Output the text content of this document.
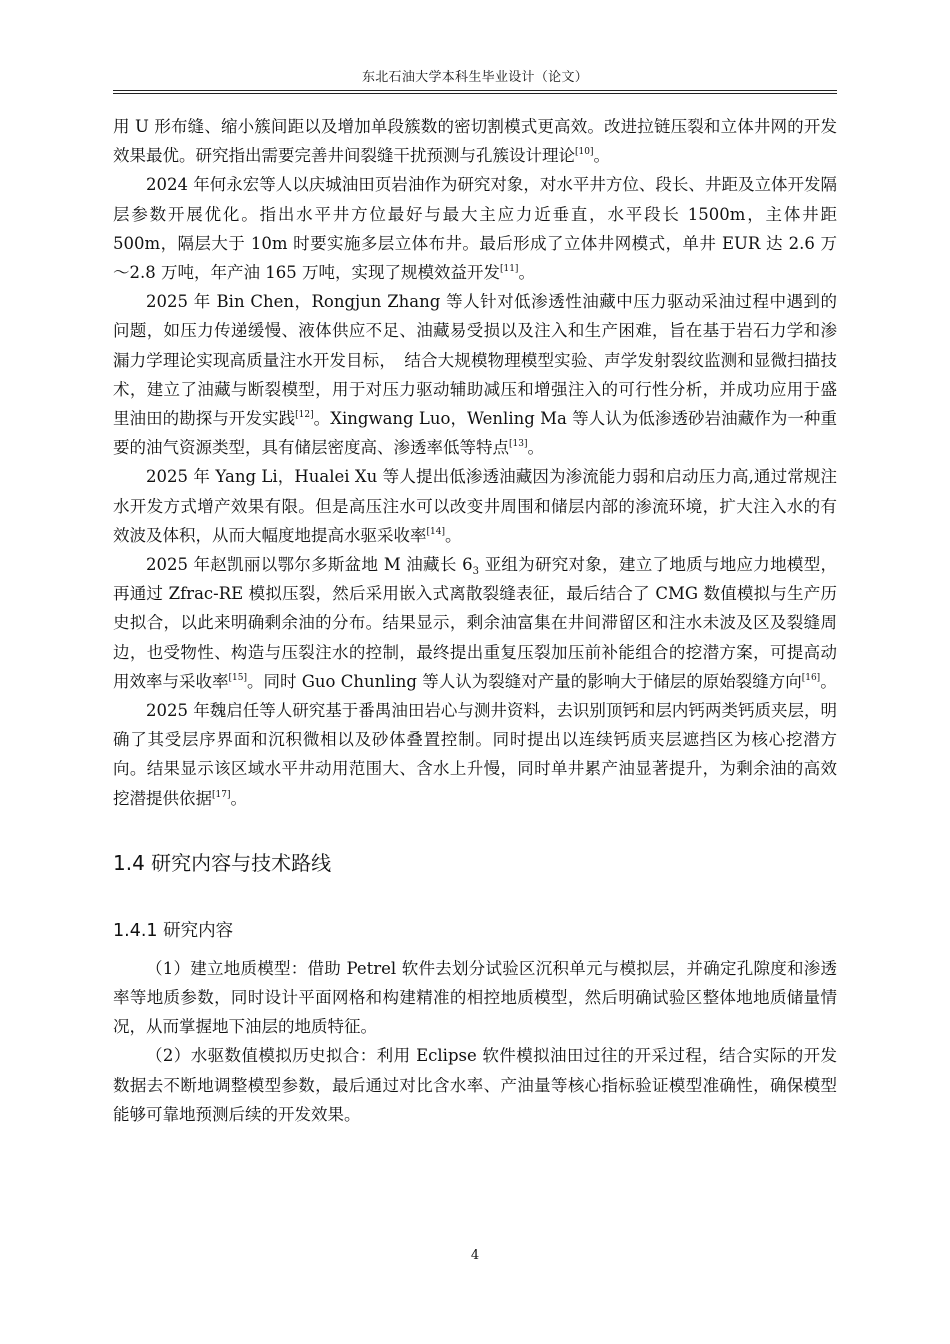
东北石油大学本科生毕业设计（论文）

用 U 形布缝、缩小簇间距以及增加单段簇数的密切割模式更高效。改进拉链压裂和立体井网的开发效果最优。研究指出需要完善井间裂缝干扰预测与孔簇设计理论[10]。

2024 年何永宏等人以庆城油田页岩油作为研究对象，对水平井方位、段长、井距及立体开发隔层参数开展优化。指出水平井方位最好与最大主应力近垂直，水平段长 1500m，主体井距 500m，隔层大于 10m 时要实施多层立体布井。最后形成了立体井网模式，单井 EUR 达 2.6 万～2.8 万吨，年产油 165 万吨，实现了规模效益开发[11]。

2025 年 Bin Chen，Rongjun Zhang 等人针对低渗透性油藏中压力驱动采油过程中遇到的问题，如压力传递缓慢、液体供应不足、油藏易受损以及注入和生产困难，旨在基于岩石力学和渗漏力学理论实现高质量注水开发目标，　结合大规模物理模型实验、声学发射裂纹监测和显微扫描技术，建立了油藏与断裂模型，用于对压力驱动辅助减压和增强注入的可行性分析，并成功应用于盛里油田的勘探与开发实践[12]。Xingwang Luo，Wenling Ma 等人认为低渗透砂岩油藏作为一种重要的油气资源类型，具有储层密度高、渗透率低等特点[13]。

2025 年 Yang Li，Hualei Xu 等人提出低渗透油藏因为渗流能力弱和启动压力高,通过常规注水开发方式增产效果有限。但是高压注水可以改变井周围和储层内部的渗流环境，扩大注入水的有效波及体积，从而大幅度地提高水驱采收率[14]。

2025 年赵凯丽以鄂尔多斯盆地 M 油藏长 $6_3$ 亚组为研究对象，建立了地质与地应力地模型，再通过 Zfrac-RE 模拟压裂，然后采用嵌入式离散裂缝表征，最后结合了 CMG 数值模拟与生产历史拟合，以此来明确剩余油的分布。结果显示，剩余油富集在井间滞留区和注水未波及区及裂缝周边，也受物性、构造与压裂注水的控制，最终提出重复压裂加压前补能组合的挖潜方案，可提高动用效率与采收率[15]。同时 Guo Chunling 等人认为裂缝对产量的影响大于储层的原始裂缝方向[16]。

2025 年魏启任等人研究基于番禺油田岩心与测井资料，去识别顶钙和层内钙两类钙质夹层，明确了其受层序界面和沉积微相以及砂体叠置控制。同时提出以连续钙质夹层遮挡区为核心挖潜方向。结果显示该区域水平井动用范围大、含水上升慢，同时单井累产油显著提升，为剩余油的高效挖潜提供依据[17]。

1.4 研究内容与技术路线
1.4.1 研究内容

（1）建立地质模型：借助 Petrel 软件去划分试验区沉积单元与模拟层，并确定孔隙度和渗透率等地质参数，同时设计平面网格和构建精准的相控地质模型，然后明确试验区整体地地质储量情况，从而掌握地下油层的地质特征。

（2）水驱数值模拟历史拟合：利用 Eclipse 软件模拟油田过往的开采过程，结合实际的开发数据去不断地调整模型参数，最后通过对比含水率、产油量等核心指标验证模型准确性，确保模型能够可靠地预测后续的开发效果。

4
